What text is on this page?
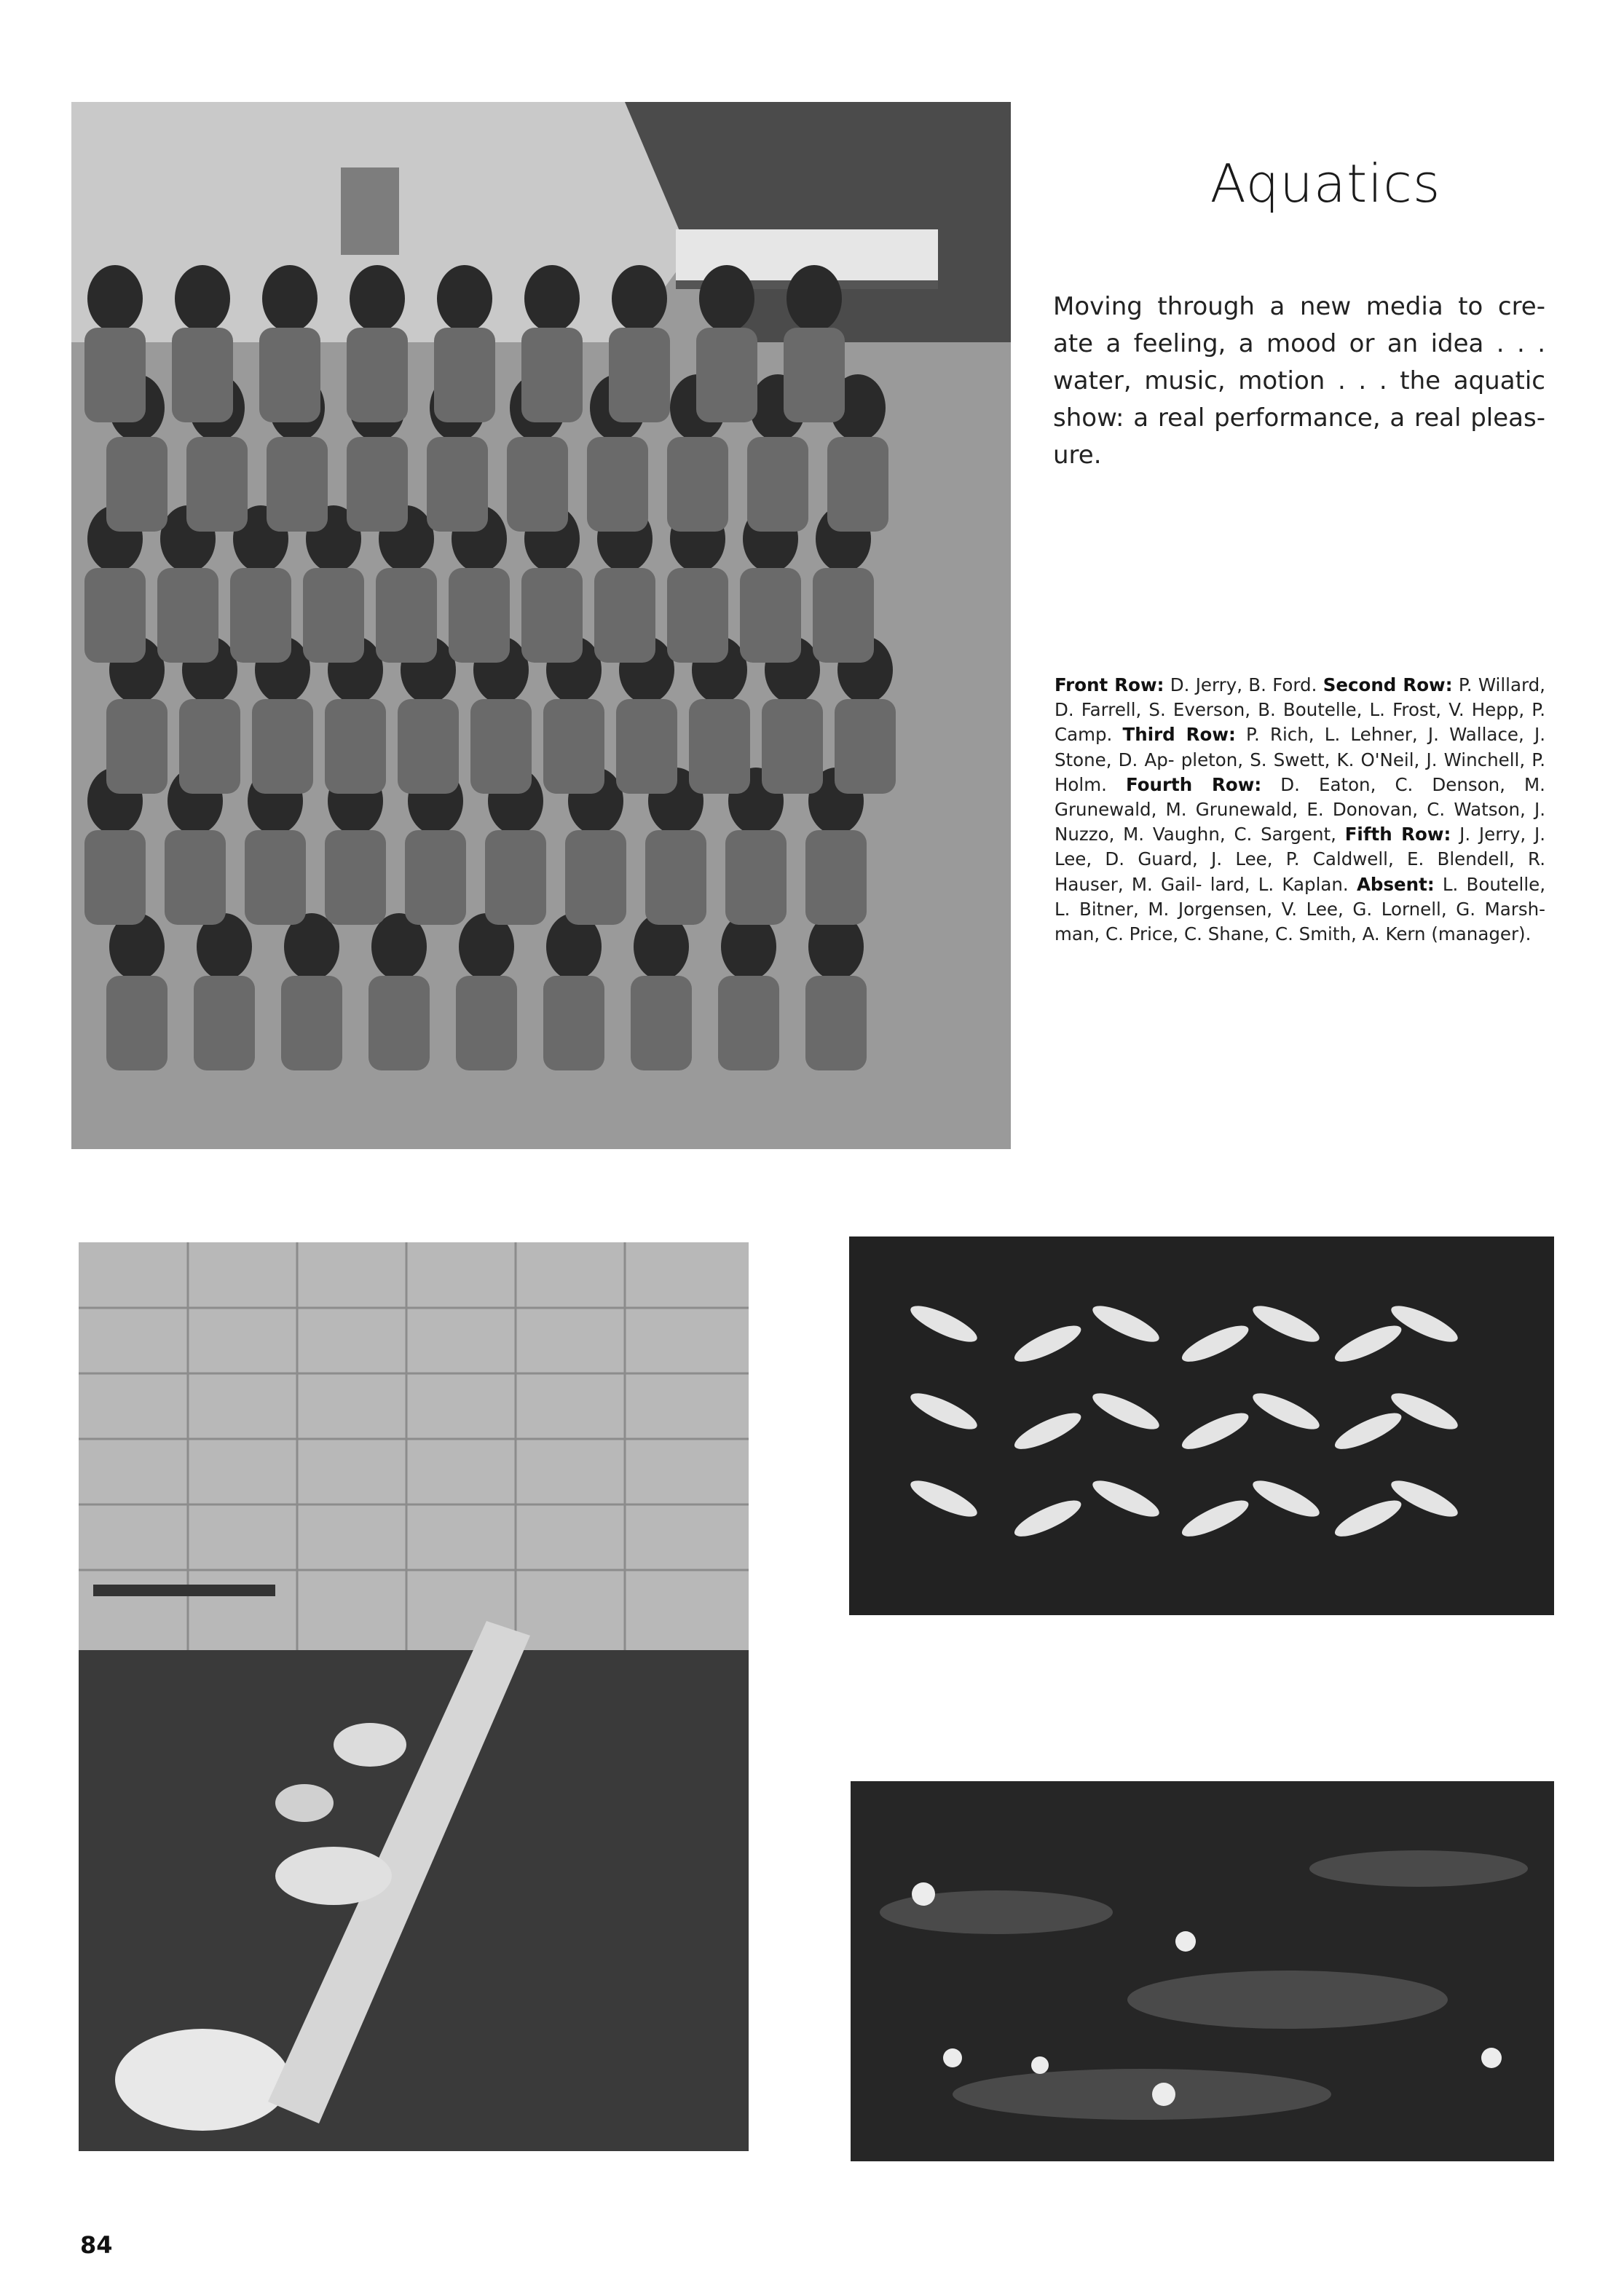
Aquatics

Moving through a new media to cre- ate a feeling, a mood or an idea . . . water, music, motion . . . the aquatic show: a real performance, a real pleas- ure.

Front Row: D. Jerry, B. Ford. Second Row: P. Willard, D. Farrell, S. Everson, B. Boutelle, L. Frost, V. Hepp, P. Camp. Third Row: P. Rich, L. Lehner, J. Wallace, J. Stone, D. Ap- pleton, S. Swett, K. O'Neil, J. Winchell, P. Holm. Fourth Row: D. Eaton, C. Denson, M. Grunewald, M. Grunewald, E. Donovan, C. Watson, J. Nuzzo, M. Vaughn, C. Sargent, Fifth Row: J. Jerry, J. Lee, D. Guard, J. Lee, P. Caldwell, E. Blendell, R. Hauser, M. Gail- lard, L. Kaplan. Absent: L. Boutelle, L. Bitner, M. Jorgensen, V. Lee, G. Lornell, G. Marsh- man, C. Price, C. Shane, C. Smith, A. Kern (manager).

84
